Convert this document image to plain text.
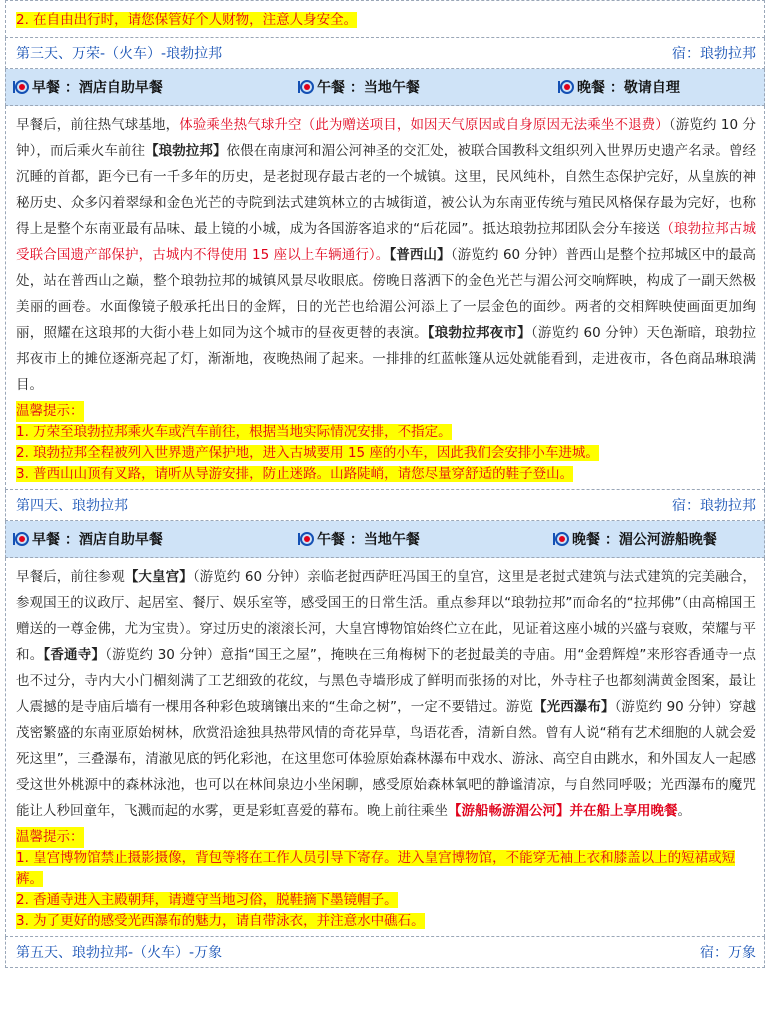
2. 在自由出行时，请您保管好个人财物，注意人身安全。
第三天、万荣-（火车）-琅勃拉邦	宿：琅勃拉邦
早餐 ：酒店自助早餐	午餐 ：当地午餐	晚餐 ：敬请自理
早餐后，前往热气球基地，体验乘坐热气球升空（此为赠送项目，如因天气原因或自身原因无法乘坐不退费）（游览约 10 分钟），而后乘火车前往【琅勃拉邦】依偎在南康河和湄公河神圣的交汇处，被联合国教科文组织列入世界历史遗产名录。曾经沉睡的首都，距今已有一千多年的历史，是老挝现存最古老的一个城镇。这里，民风纯朴，自然生态保护完好，从皇族的神秘历史、众多闪着翠绿和金色光芒的寺院到法式建筑林立的古城街道，被公认为东南亚传统与殖民风格保存最为完好，也称得上是整个东南亚最有品味、最上镜的小城，成为各国游客追求的“后花园”。抵达琅勃拉邦团队会分车接送（琅勃拉邦古城受联合国遗产部保护，古城内不得使用 15 座以上车辆通行）。【普西山】（游览约 60 分钟）普西山是整个拉邦城区中的最高处，站在普西山之巅，整个琅勃拉邦的城镇风景尽收眼底。傍晚日落洒下的金色光芒与湄公河交响辉映，构成了一副天然极美丽的画卷。水面像镜子般承托出日的金辉，日的光芒也给湄公河添上了一层金色的面纱。两者的交相辉映使画面更加绚丽，照耀在这琅邦的大街小巷上如同为这个城市的昼夜更替的表演。【琅勃拉邦夜市】（游览约 60 分钟）天色渐暗，琅勃拉邦夜市上的摊位逐渐亮起了灯，渐渐地，夜晚热闹了起来。一排排的红蓝帐篷从远处就能看到，走进夜市，各色商品琳琅满目。
温馨提示：
1. 万荣至琅勃拉邦乘火车或汽车前往，根据当地实际情况安排，不指定。
2. 琅勃拉邦全程被列入世界遗产保护地，进入古城要用 15 座的小车，因此我们会安排小车进城。
3. 普西山山顶有叉路，请听从导游安排，防止迷路。山路陡峭，请您尽量穿舒适的鞋子登山。
第四天、琅勃拉邦	宿：琅勃拉邦
早餐 ：酒店自助早餐	午餐 ：当地午餐	晚餐 ：湄公河游船晚餐
早餐后，前往参观【大皇宫】（游览约 60 分钟）亲临老挝西萨旺冯国王的皇宫，这里是老挝式建筑与法式建筑的完美融合，参观国王的议政厅、起居室、餐厅、娱乐室等，感受国王的日常生活。重点参拜以“琅勃拉邦”而命名的“拉邦佛”（由高棉国王赠送的一尊金佛，尤为宝贵）。穿过历史的滚滚长河，大皇宫博物馆始终伫立在此，见证着这座小城的兴盛与衰败，荣耀与平和。【香通寺】（游览约 30 分钟）意指“国王之屋”，掩映在三角梅树下的老挝最美的寺庙。用“金碧辉煌”来形容香通寺一点也不过分，寺内大小门楣刻满了工艺细致的花纹，与黑色寺墙形成了鲜明而张扬的对比，外寺柱子也都刻满黄金图案，最让人震撼的是寺庙后墙有一棵用各种彩色玻璃镶出来的“生命之树”，一定不要错过。游览【光西瀑布】（游览约 90 分钟）穿越茂密繁盛的东南亚原始树林，欣赏沿途独具热带风情的奇花异草，鸟语花香，清新自然。曾有人说“稍有艺术细胞的人就会爱死这里”，三叠瀑布，清澈见底的钙化彩池，在这里您可体验原始森林瀑布中戏水、游泳、高空自由跳水，和外国友人一起感受这世外桃源中的森林泳池，也可以在林间泉边小坐闲聊，感受原始森林氧吧的静谧清凉，与自然同呼吸；光西瀑布的魔咒能让人秒回童年，飞溅而起的水雾，更是彩虹喜爱的幕布。晚上前往乘坐【游船畅游湄公河】并在船上享用晚餐。
温馨提示：
1. 皇宫博物馆禁止摄影摄像，背包等将在工作人员引导下寄存。进入皇宫博物馆，不能穿无袖上衣和膝盖以上的短裙或短裤。
2. 香通寺进入主殿朝拜，请遵守当地习俗，脱鞋摘下墨镜帽子。
3. 为了更好的感受光西瀑布的魅力，请自带泳衣，并注意水中礁石。
第五天、琅勃拉邦-（火车）-万象	宿：万象
